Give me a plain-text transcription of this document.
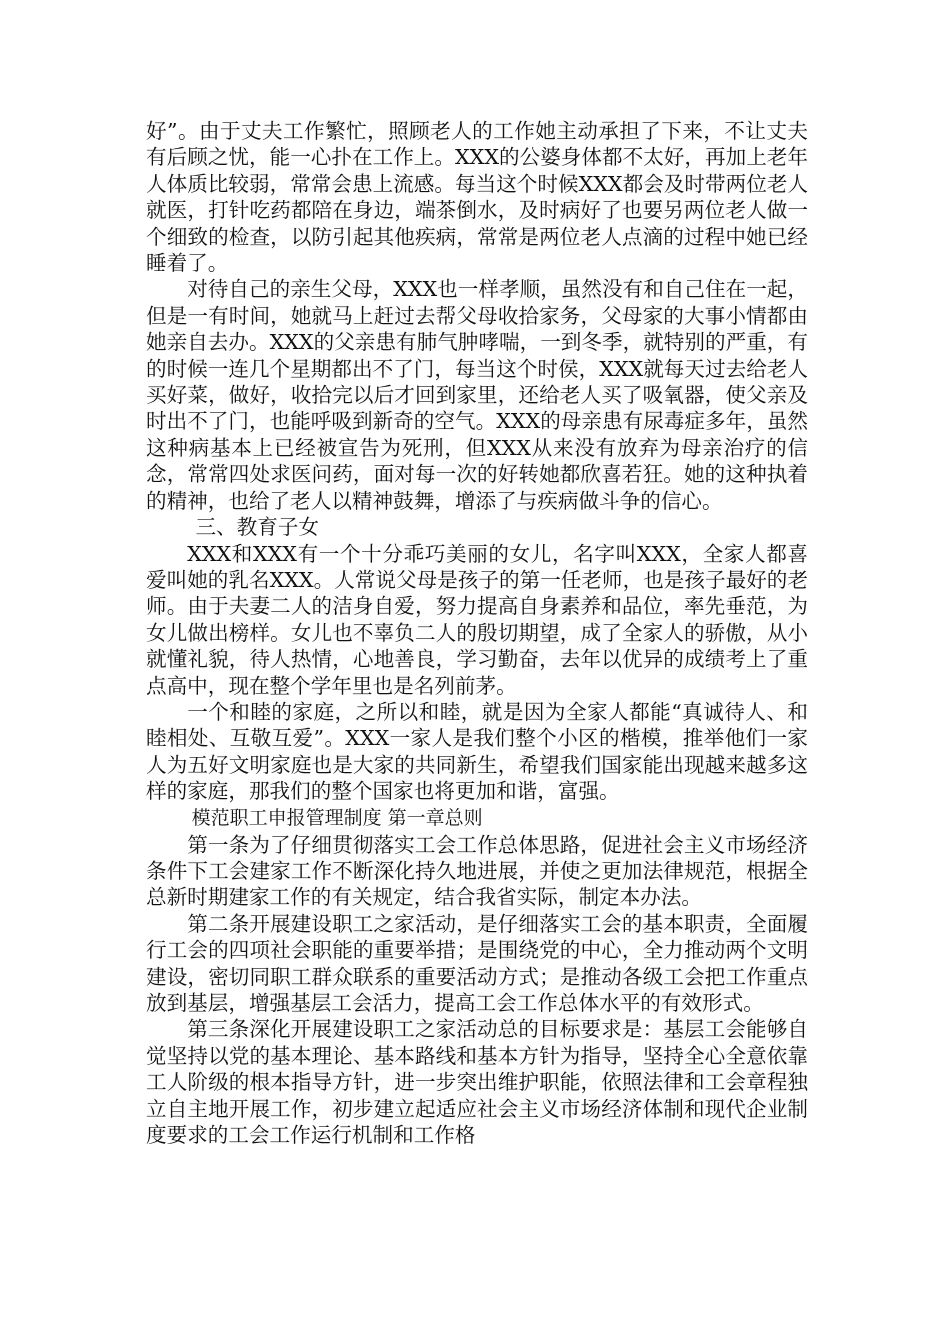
好”。由于丈夫工作繁忙，照顾老人的工作她主动承担了下来，不让丈夫有后顾之忧，能一心扑在工作上。XXX的公婆身体都不太好，再加上老年人体质比较弱，常常会患上流感。每当这个时候XXX都会及时带两位老人就医，打针吃药都陪在身边，端茶倒水，及时病好了也要另两位老人做一个细致的检查，以防引起其他疾病，常常是两位老人点滴的过程中她已经睡着了。

对待自己的亲生父母，XXX也一样孝顺，虽然没有和自己住在一起，但是一有时间，她就马上赶过去帮父母收拾家务，父母家的大事小情都由她亲自去办。XXX的父亲患有肺气肿哮喘，一到冬季，就特别的严重，有的时候一连几个星期都出不了门，每当这个时侯，XXX就每天过去给老人买好菜，做好，收拾完以后才回到家里，还给老人买了吸氧器，使父亲及时出不了门，也能呼吸到新奇的空气。XXX的母亲患有尿毒症多年，虽然这种病基本上已经被宣告为死刑，但XXX从来没有放弃为母亲治疗的信念，常常四处求医问药，面对每一次的好转她都欣喜若狂。她的这种执着的精神，也给了老人以精神鼓舞，增添了与疾病做斗争的信心。

三、教育子女

XXX和XXX有一个十分乖巧美丽的女儿，名字叫XXX，全家人都喜爱叫她的乳名XXX。人常说父母是孩子的第一任老师，也是孩子最好的老师。由于夫妻二人的洁身自爱，努力提高自身素养和品位，率先垂范，为女儿做出榜样。女儿也不辜负二人的殷切期望，成了全家人的骄傲，从小就懂礼貌，待人热情，心地善良，学习勤奋，去年以优异的成绩考上了重点高中，现在整个学年里也是名列前茅。

一个和睦的家庭，之所以和睦，就是因为全家人都能“真诚待人、和睦相处、互敬互爱”。XXX一家人是我们整个小区的楷模，推举他们一家人为五好文明家庭也是大家的共同新生，希望我们国家能出现越来越多这样的家庭，那我们的整个国家也将更加和谐，富强。

模范职工申报管理制度 第一章总则

第一条为了仔细贯彻落实工会工作总体思路，促进社会主义市场经济条件下工会建家工作不断深化持久地进展，并使之更加法律规范，根据全总新时期建家工作的有关规定，结合我省实际，制定本办法。

第二条开展建设职工之家活动，是仔细落实工会的基本职责，全面履行工会的四项社会职能的重要举措；是围绕党的中心，全力推动两个文明建设，密切同职工群众联系的重要活动方式；是推动各级工会把工作重点放到基层，增强基层工会活力，提高工会工作总体水平的有效形式。

第三条深化开展建设职工之家活动总的目标要求是：基层工会能够自觉坚持以党的基本理论、基本路线和基本方针为指导，坚持全心全意依靠工人阶级的根本指导方针，进一步突出维护职能，依照法律和工会章程独立自主地开展工作，初步建立起适应社会主义市场经济体制和现代企业制度要求的工会工作运行机制和工作格
